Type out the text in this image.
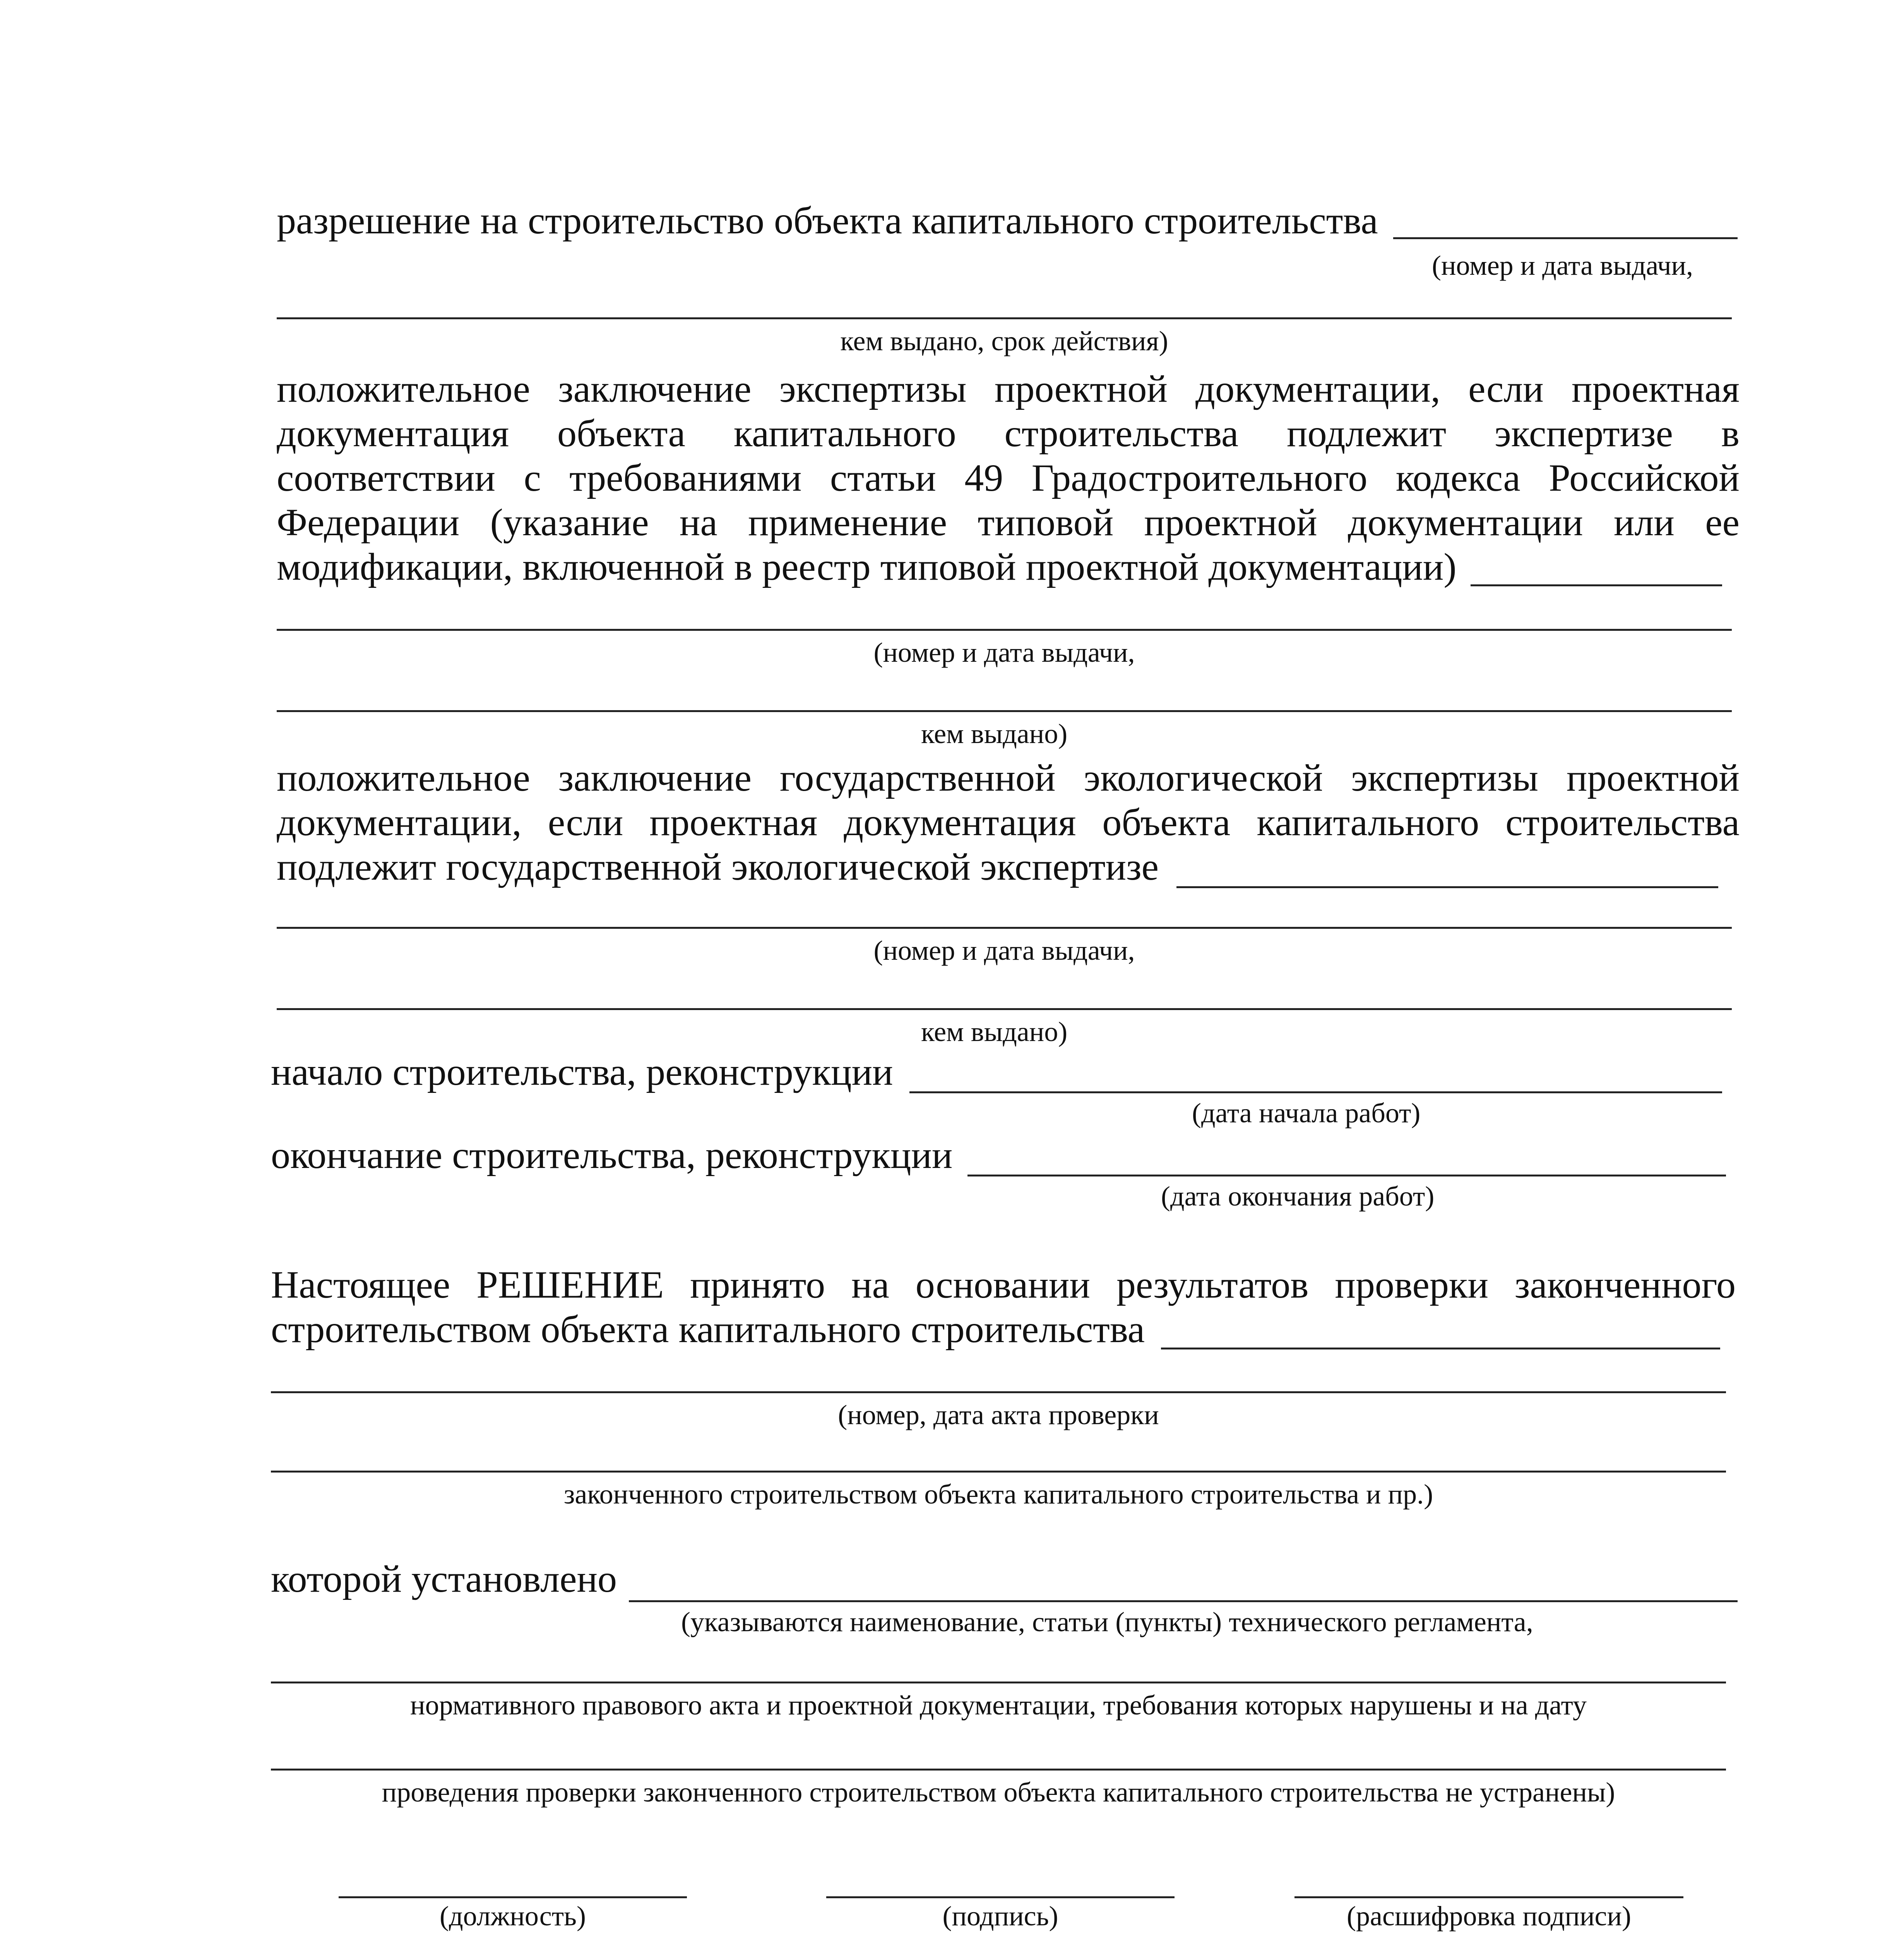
разрешение на строительство объекта капитального строительства
(номер и дата выдачи,
кем выдано, срок действия)
положительное заключение экспертизы проектной документации, если проектная
документация объекта капитального строительства подлежит экспертизе в
соответствии с требованиями статьи 49 Градостроительного кодекса Российской
Федерации (указание на применение типовой проектной документации или ее
модификации, включенной в реестр типовой проектной документации)
(номер и дата выдачи,
кем выдано)
положительное заключение государственной экологической экспертизы проектной
документации, если проектная документация объекта капитального строительства
подлежит государственной экологической экспертизе
(номер и дата выдачи,
кем выдано)
начало строительства, реконструкции
(дата начала работ)
окончание строительства, реконструкции
(дата окончания работ)
Настоящее РЕШЕНИЕ принято на основании результатов проверки законченного
строительством объекта капитального строительства
(номер, дата акта проверки
законченного строительством объекта капитального строительства и пр.)
которой установлено
(указываются наименование, статьи (пункты) технического регламента,
нормативного правового акта и проектной документации, требования которых нарушены и на дату
проведения проверки законченного строительством объекта капитального строительства не устранены)
(должность)	(подпись)	(расшифровка подписи)
